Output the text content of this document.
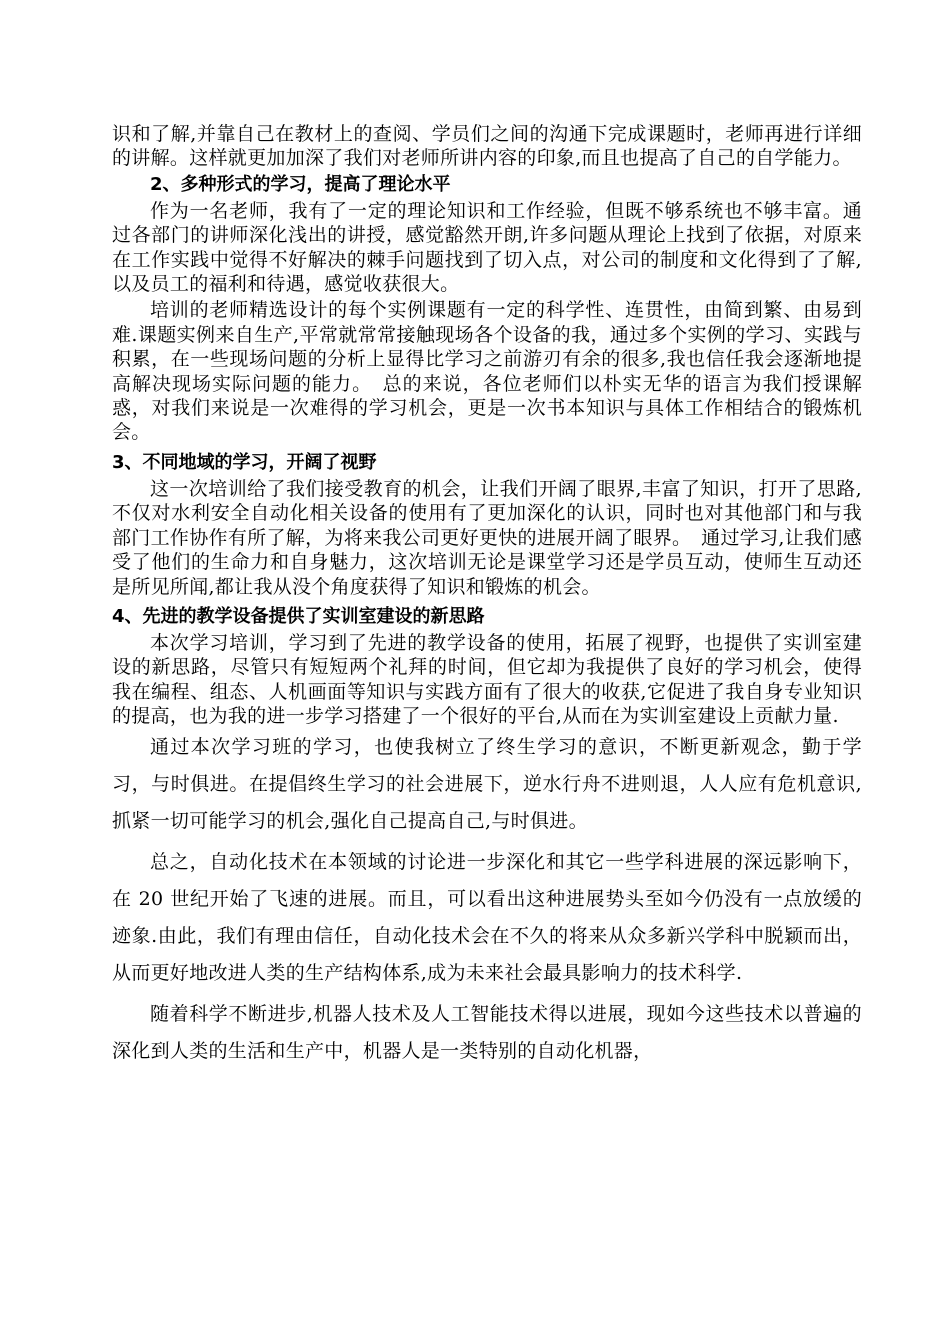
识和了解,并靠自己在教材上的查阅、学员们之间的沟通下完成课题时，老师再进行详细的讲解。这样就更加加深了我们对老师所讲内容的印象,而且也提高了自己的自学能力。

2、多种形式的学习，提高了理论水平

作为一名老师，我有了一定的理论知识和工作经验，但既不够系统也不够丰富。通过各部门的讲师深化浅出的讲授，感觉豁然开朗,许多问题从理论上找到了依据，对原来在工作实践中觉得不好解决的棘手问题找到了切入点，对公司的制度和文化得到了了解,以及员工的福利和待遇，感觉收获很大。

培训的老师精选设计的每个实例课题有一定的科学性、连贯性，由简到繁、由易到难.课题实例来自生产,平常就常常接触现场各个设备的我，通过多个实例的学习、实践与积累，在一些现场问题的分析上显得比学习之前游刃有余的很多,我也信任我会逐渐地提高解决现场实际问题的能力。　总的来说，各位老师们以朴实无华的语言为我们授课解惑，对我们来说是一次难得的学习机会，更是一次书本知识与具体工作相结合的锻炼机会。

3、不同地域的学习，开阔了视野

这一次培训给了我们接受教育的机会，让我们开阔了眼界,丰富了知识，打开了思路,不仅对水利安全自动化相关设备的使用有了更加深化的认识，同时也对其他部门和与我部门工作协作有所了解，为将来我公司更好更快的进展开阔了眼界。　通过学习,让我们感受了他们的生命力和自身魅力，这次培训无论是课堂学习还是学员互动，使师生互动还是所见所闻,都让我从没个角度获得了知识和锻炼的机会。

4、先进的教学设备提供了实训室建设的新思路

本次学习培训，学习到了先进的教学设备的使用，拓展了视野，也提供了实训室建设的新思路，尽管只有短短两个礼拜的时间，但它却为我提供了良好的学习机会，使得我在编程、组态、人机画面等知识与实践方面有了很大的收获,它促进了我自身专业知识的提高，也为我的进一步学习搭建了一个很好的平台,从而在为实训室建设上贡献力量.

通过本次学习班的学习，也使我树立了终生学习的意识，不断更新观念，勤于学习，与时俱进。在提倡终生学习的社会进展下，逆水行舟不进则退，人人应有危机意识,抓紧一切可能学习的机会,强化自己提高自己,与时俱进。

总之，自动化技术在本领域的讨论进一步深化和其它一些学科进展的深远影响下，在 20 世纪开始了飞速的进展。而且，可以看出这种进展势头至如今仍没有一点放缓的迹象.由此，我们有理由信任，自动化技术会在不久的将来从众多新兴学科中脱颖而出，从而更好地改进人类的生产结构体系,成为未来社会最具影响力的技术科学.

随着科学不断进步,机器人技术及人工智能技术得以进展，现如今这些技术以普遍的深化到人类的生活和生产中，机器人是一类特别的自动化机器，
